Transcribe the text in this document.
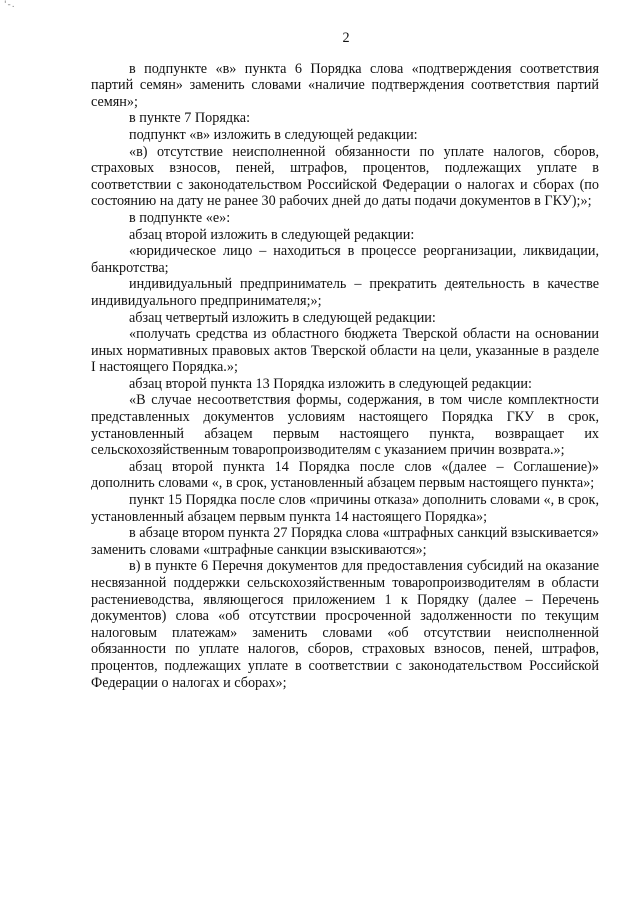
'-.
2

в подпункте «в» пункта 6 Порядка слова «подтверждения соответствия партий семян» заменить словами «наличие подтверждения соответствия партий семян»;

в пункте 7 Порядка:

подпункт «в» изложить в следующей редакции:

«в) отсутствие неисполненной обязанности по уплате налогов, сборов, страховых взносов, пеней, штрафов, процентов, подлежащих уплате в соответствии с законодательством Российской Федерации о налогах и сборах (по состоянию на дату не ранее 30 рабочих дней до даты подачи документов в ГКУ);»;

в подпункте «е»:

абзац второй изложить в следующей редакции:

«юридическое лицо – находиться в процессе реорганизации, ликвидации, банкротства;

индивидуальный предприниматель – прекратить деятельность в качестве индивидуального предпринимателя;»;

абзац четвертый изложить в следующей редакции:

«получать средства из областного бюджета Тверской области на основании иных нормативных правовых актов Тверской области на цели, указанные в разделе I настоящего Порядка.»;

абзац второй пункта 13 Порядка изложить в следующей редакции:

«В случае несоответствия формы, содержания, в том числе комплектности представленных документов условиям настоящего Порядка ГКУ в срок, установленный абзацем первым настоящего пункта, возвращает их сельскохозяйственным товаропроизводителям с указанием причин возврата.»;

абзац второй пункта 14 Порядка после слов «(далее – Соглашение)» дополнить словами «, в срок, установленный абзацем первым настоящего пункта»;

пункт 15 Порядка после слов «причины отказа» дополнить словами «, в срок, установленный абзацем первым пункта 14 настоящего Порядка»;

в абзаце втором пункта 27 Порядка слова «штрафных санкций взыскивается» заменить словами «штрафные санкции взыскиваются»;

в) в пункте 6 Перечня документов для предоставления субсидий на оказание несвязанной поддержки сельскохозяйственным товаропроизводителям в области растениеводства, являющегося приложением 1 к Порядку (далее – Перечень документов) слова «об отсутствии просроченной задолженности по текущим налоговым платежам» заменить словами «об отсутствии неисполненной обязанности по уплате налогов, сборов, страховых взносов, пеней, штрафов, процентов, подлежащих уплате в соответствии с законодательством Российской Федерации о налогах и сборах»;
